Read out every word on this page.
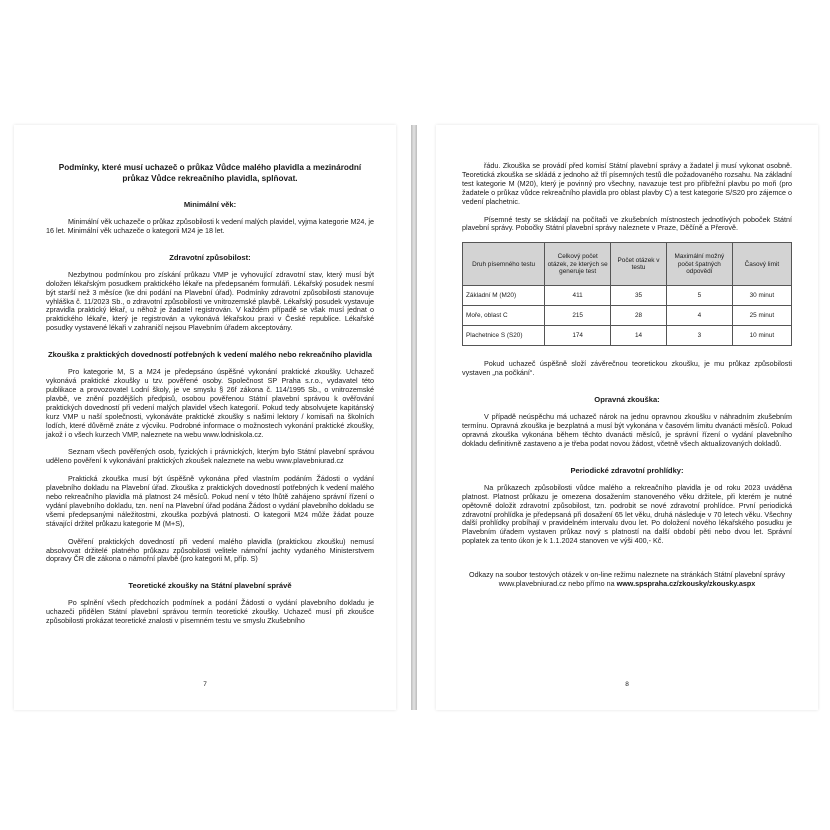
Podmínky, které musí uchazeč o průkaz Vůdce malého plavidla a mezinárodní průkaz Vůdce rekreačního plavidla, splňovat.
Minimální věk:

Minimální věk uchazeče o průkaz způsobilosti k vedení malých plavidel, vyjma kategorie M24, je 16 let. Minimální věk uchazeče o kategorii M24 je 18 let.

Zdravotní způsobilost:

Nezbytnou podmínkou pro získání průkazu VMP je vyhovující zdravotní stav, který musí být doložen lékařským posudkem praktického lékaře na předepsaném formuláři. Lékařský posudek nesmí být starší než 3 měsíce (ke dni podání na Plavební úřad). Podmínky zdravotní způsobilosti stanovuje vyhláška č. 11/2023 Sb., o zdravotní způsobilosti ve vnitrozemské plavbě. Lékařský posudek vystavuje zpravidla praktický lékař, u něhož je žadatel registrován. V každém případě se však musí jednat o praktického lékaře, který je registrován a vykonává lékařskou praxi v České republice. Lékařské posudky vystavené lékaři v zahraničí nejsou Plavebním úřadem akceptovány.

Zkouška z praktických dovedností potřebných k vedení malého nebo rekreačního plavidla

Pro kategorie M, S a M24 je předepsáno úspěšné vykonání praktické zkoušky. Uchazeč vykonává praktické zkoušky u tzv. pověřené osoby. Společnost SP Praha s.r.o., vydavatel této publikace a provozovatel Lodní školy, je ve smyslu § 26f zákona č. 114/1995 Sb., o vnitrozemské plavbě, ve znění pozdějších předpisů, osobou pověřenou Státní plavební správou k ověřování praktických dovedností při vedení malých plavidel všech kategorií. Pokud tedy absolvujete kapitánský kurz VMP u naší společnosti, vykonáváte praktické zkoušky s našimi lektory / komisaři na školních lodích, které důvěrně znáte z výcviku. Podrobné informace o možnostech vykonání praktické zkoušky, jakož i o všech kurzech VMP, naleznete na webu www.lodniskola.cz.

Seznam všech pověřených osob, fyzických i právnických, kterým bylo Státní plavební správou uděleno pověření k vykonávání praktických zkoušek naleznete na webu www.plavebniurad.cz

Praktická zkouška musí být úspěšně vykonána před vlastním podáním Žádosti o vydání plavebního dokladu na Plavební úřad. Zkouška z praktických dovedností potřebných k vedení malého nebo rekreačního plavidla má platnost 24 měsíců. Pokud není v této lhůtě zahájeno správní řízení o vydání plavebního dokladu, tzn. není na Plavební úřad podána Žádost o vydání plavebního dokladu se všemi předepsanými náležitostmi, zkouška pozbývá platnosti. O kategorii M24 může žádat pouze stávající držitel průkazu kategorie M (M+S),

Ověření praktických dovedností při vedení malého plavidla (praktickou zkoušku) nemusí absolvovat držitelé platného průkazu způsobilosti velitele námořní jachty vydaného Ministerstvem dopravy ČR dle zákona o námořní plavbě (pro kategorii M, příp. S)

Teoretické zkoušky na Státní plavební správě

Po splnění všech předchozích podmínek a podání Žádosti o vydání plavebního dokladu je uchazeči přidělen Státní plavební správou termín teoretické zkoušky. Uchazeč musí při zkoušce způsobilosti prokázat teoretické znalosti v písemném testu ve smyslu Zkušebního

7

řádu. Zkouška se provádí před komisí Státní plavební správy a žadatel ji musí vykonat osobně. Teoretická zkouška se skládá z jednoho až tří písemných testů dle požadovaného rozsahu. Na základní test kategorie M (M20), který je povinný pro všechny, navazuje test pro přibřežní plavbu po moři (pro žadatele o průkaz vůdce rekreačního plavidla pro oblast plavby C) a test kategorie S/S20 pro zájemce o vedení plachetnic.

Písemné testy se skládají na počítači ve zkušebních místnostech jednotlivých poboček Státní plavební správy. Pobočky Státní plavební správy naleznete v Praze, Děčíně a Přerově.

Druh písemného testu	Celkový počet otázek, ze kterých se generuje test	Počet otázek v testu	Maximální možný počet špatných odpovědí	Časový limit
Základní M (M20)	411	35	5	30 minut
Moře, oblast C	215	28	4	25 minut
Plachetnice S (S20)	174	14	3	10 minut

Pokud uchazeč úspěšně složí závěrečnou teoretickou zkoušku, je mu průkaz způsobilosti vystaven „na počkání“.

Opravná zkouška:

V případě neúspěchu má uchazeč nárok na jednu opravnou zkoušku v náhradním zkušebním termínu. Opravná zkouška je bezplatná a musí být vykonána v časovém limitu dvanácti měsíců. Pokud opravná zkouška vykonána během těchto dvanácti měsíců, je správní řízení o vydání plavebního dokladu definitivně zastaveno a je třeba podat novou žádost, včetně všech aktualizovaných dokladů.

Periodické zdravotní prohlídky:

Na průkazech způsobilosti vůdce malého a rekreačního plavidla je od roku 2023 uváděna platnost. Platnost průkazu je omezena dosažením stanoveného věku držitele, při kterém je nutné opětovně doložit zdravotní způsobilost, tzn. podrobit se nové zdravotní prohlídce. První periodická zdravotní prohlídka je předepsaná při dosažení 65 let věku, druhá následuje v 70 letech věku. Všechny další prohlídky probíhají v pravidelném intervalu dvou let. Po doložení nového lékařského posudku je Plavebním úřadem vystaven průkaz nový s platností na další období pěti nebo dvou let. Správní poplatek za tento úkon je k 1.1.2024 stanoven ve výši 400,- Kč.

Odkazy na soubor testových otázek v on-line režimu naleznete na stránkách Státní plavební správy www.plavebniurad.cz nebo přímo na www.spspraha.cz/zkousky/zkousky.aspx

8
